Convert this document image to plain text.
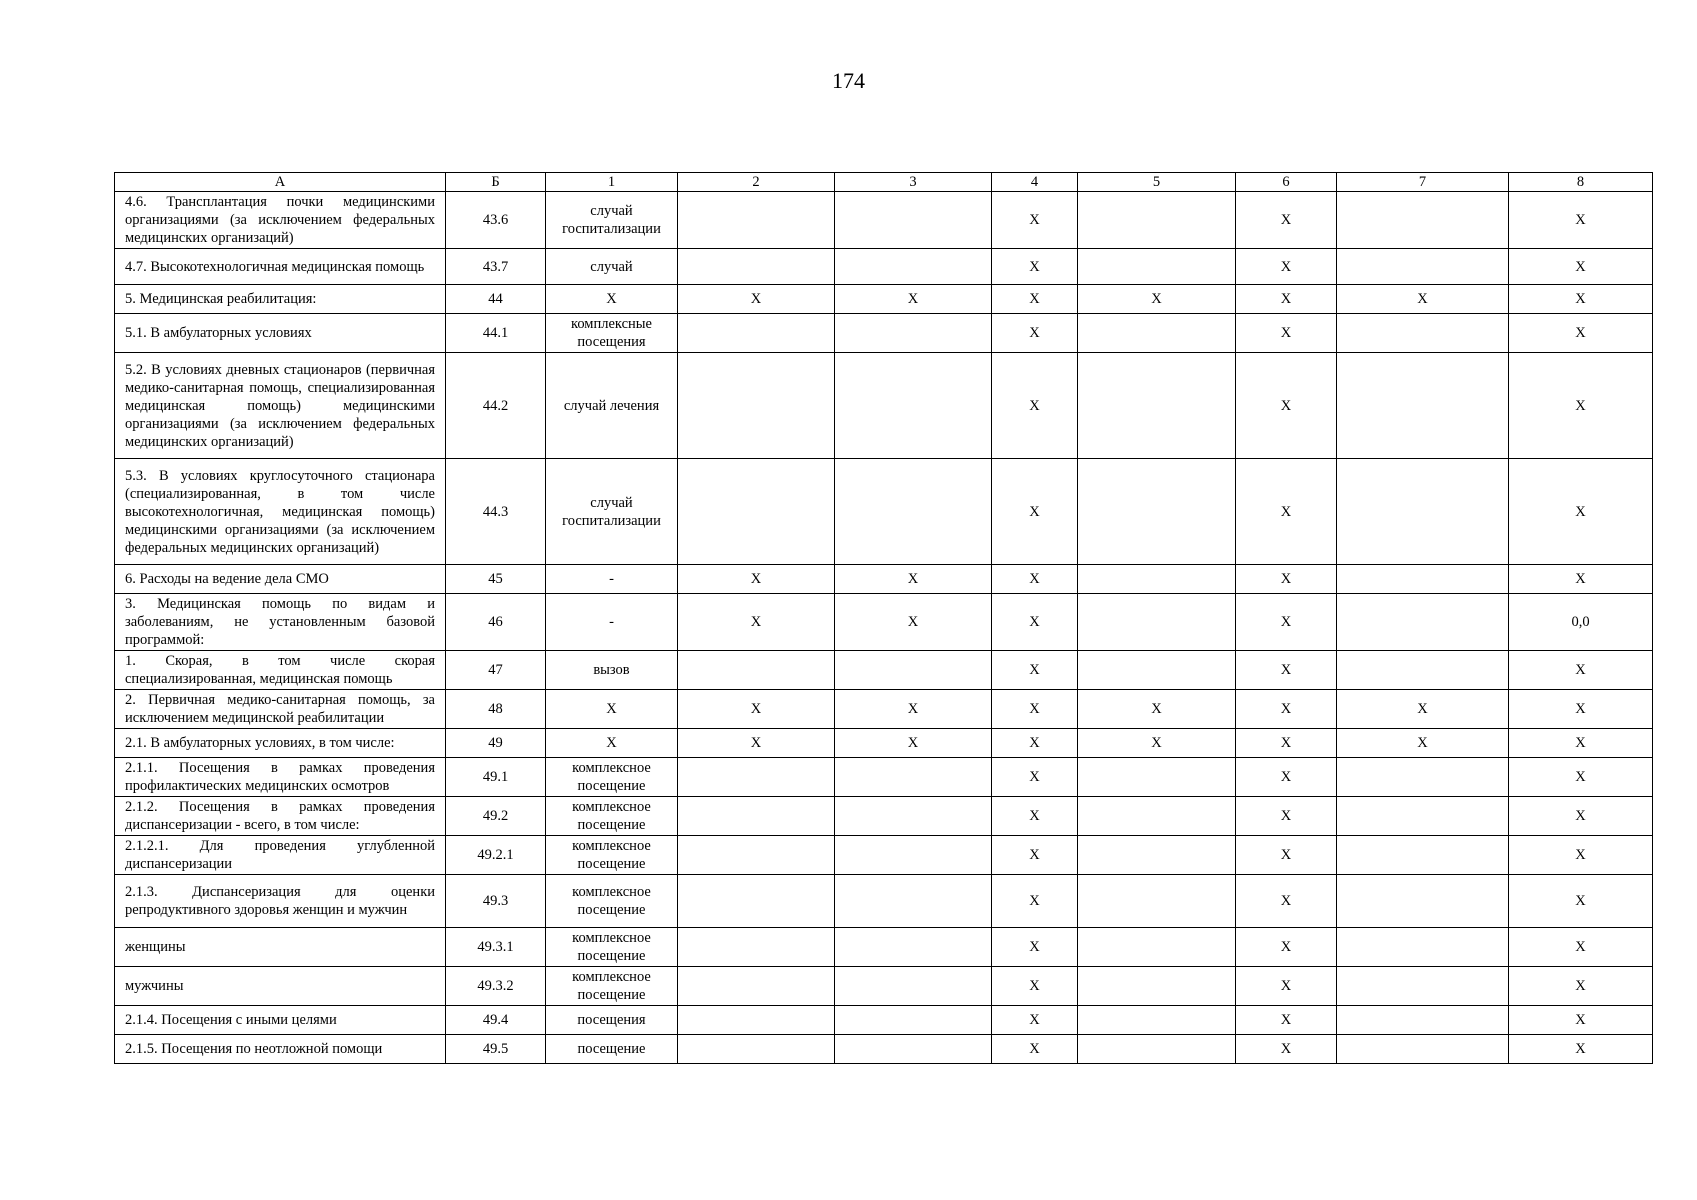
174
А	Б	1	2	3	4	5	6	7	8
4.6. Трансплантация почки медицинскими организациями (за исключением федеральных медицинских организаций)	43.6	случай госпитализации			Х		Х		Х
4.7. Высокотехнологичная медицинская помощь	43.7	случай			Х		Х		Х
5. Медицинская реабилитация:	44	Х	Х	Х	Х	Х	Х	Х	Х
5.1. В амбулаторных условиях	44.1	комплексные посещения			Х		Х		Х
5.2. В условиях дневных стационаров (первичная медико-санитарная помощь, специализированная медицинская помощь) медицинскими организациями (за исключением федеральных медицинских организаций)	44.2	случай лечения			Х		Х		Х
5.3. В условиях круглосуточного стационара (специализированная, в том числе высокотехнологичная, медицинская помощь) медицинскими организациями (за исключением федеральных медицинских организаций)	44.3	случай госпитализации			Х		Х		Х
6. Расходы на ведение дела СМО	45	-	Х	Х	Х		Х		Х
3. Медицинская помощь по видам и заболеваниям, не установленным базовой программой:	46	-	Х	Х	Х		Х		0,0
1. Скорая, в том числе скорая специализированная, медицинская помощь	47	вызов			Х		Х		Х
2. Первичная медико-санитарная помощь, за исключением медицинской реабилитации	48	Х	Х	Х	Х	Х	Х	Х	Х
2.1. В амбулаторных условиях, в том числе:	49	Х	Х	Х	Х	Х	Х	Х	Х
2.1.1. Посещения в рамках проведения профилактических медицинских осмотров	49.1	комплексное посещение			Х		Х		Х
2.1.2. Посещения в рамках проведения диспансеризации - всего, в том числе:	49.2	комплексное посещение			Х		Х		Х
2.1.2.1. Для проведения углубленной диспансеризации	49.2.1	комплексное посещение			Х		Х		Х
2.1.3. Диспансеризация для оценки репродуктивного здоровья женщин и мужчин	49.3	комплексное посещение			Х		Х		Х
женщины	49.3.1	комплексное посещение			Х		Х		Х
мужчины	49.3.2	комплексное посещение			Х		Х		Х
2.1.4. Посещения с иными целями	49.4	посещения			Х		Х		Х
2.1.5. Посещения по неотложной помощи	49.5	посещение			Х		Х		Х
